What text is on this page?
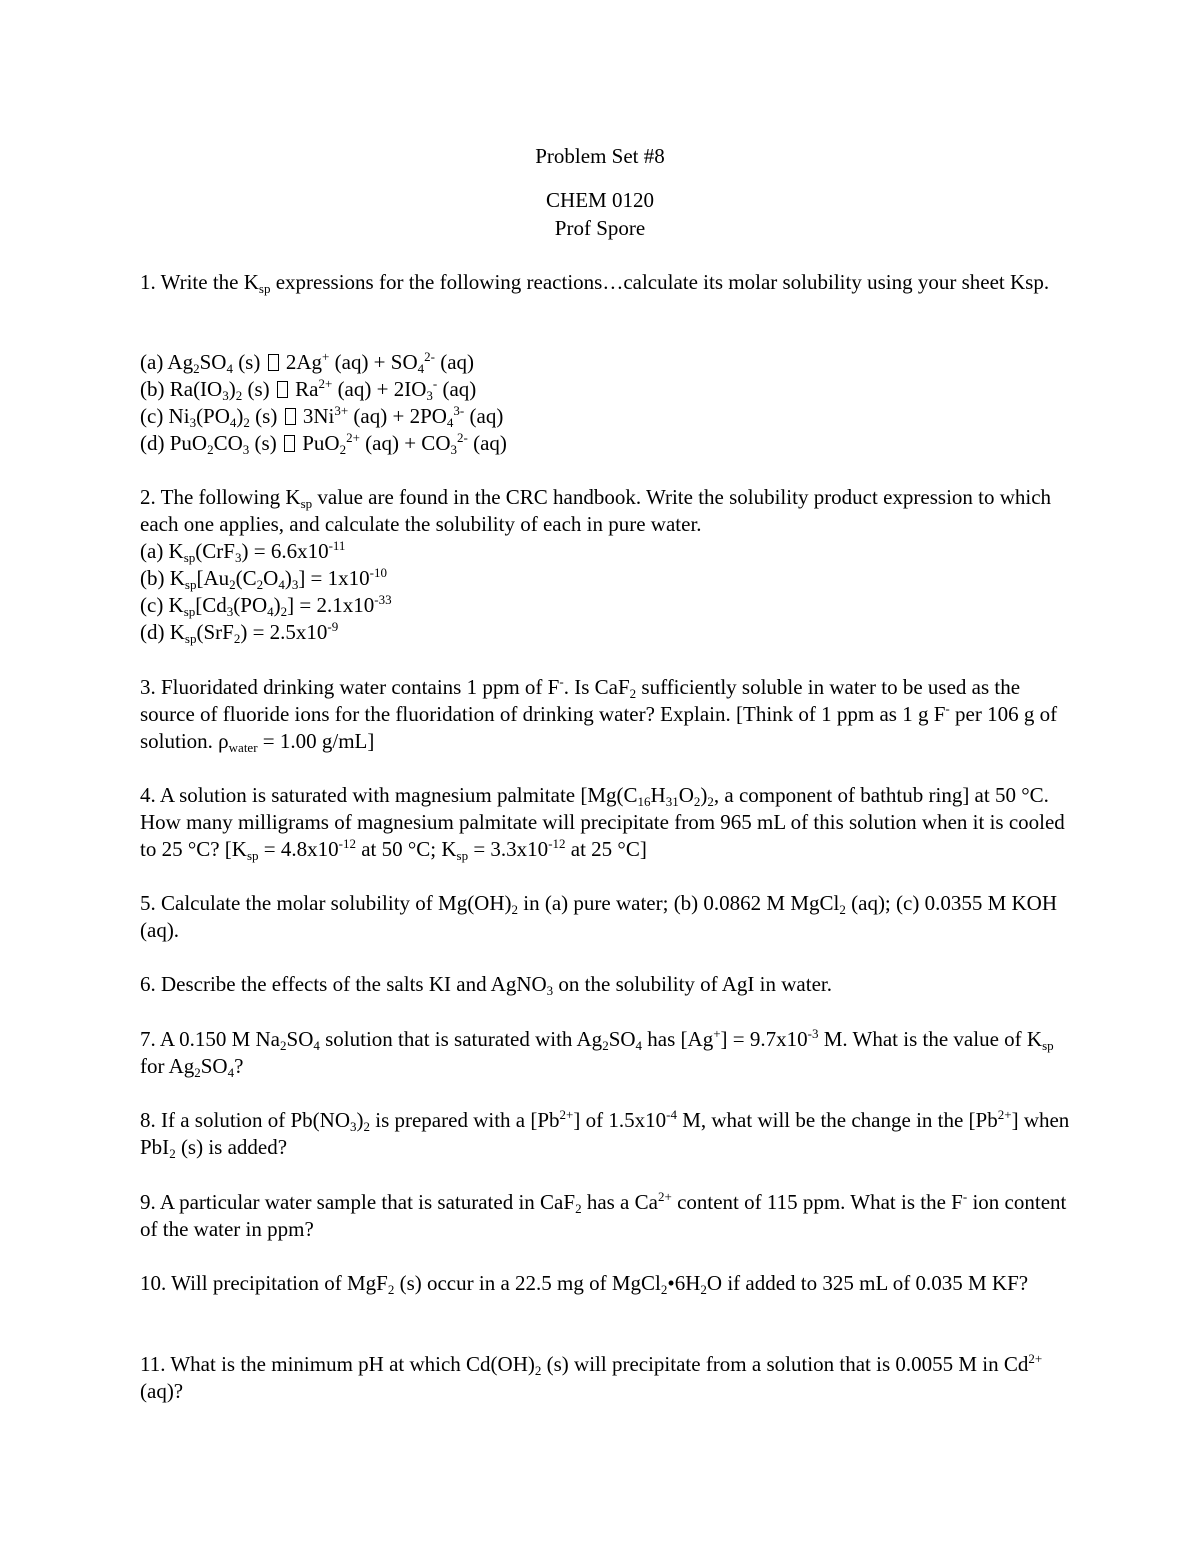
Problem Set #8
CHEM 0120
Prof Spore
1. Write the $K_{sp}$ expressions for the following reactions…calculate its molar solubility using your sheet Ksp.
(a) $Ag_2SO_4$ (s)  2Ag+ $(aq) + SO_4^{2-}$ (aq)
(b) $Ra(IO_3)_2$ (s)  $Ra^{2+}$ $(aq) + 2IO_3^-$ (aq)
(c) $Ni_3(PO_4)_2$ (s)  $3Ni^{3+}$ $(aq) + 2PO_4^{3-}$ (aq)
(d) $PuO_2CO_3$ (s)  PuO$_2^{2+}$ $(aq) + CO_3^{2-}$ (aq)
2. The following $K_{sp}$ value are found in the CRC handbook. Write the solubility product expression to which each one applies, and calculate the solubility of each in pure water.
(a) $K_{sp}(CrF_3) = 6.6x10^{-11}$
(b) $K_{sp}[Au_2(C_2O_4)_3] = 1x10^{-10}$
(c) $K_{sp}[Cd_3(PO_4)_2] = 2.1x10^{-33}$
(d) $K_{sp}(SrF_2) = 2.5x10^{-9}$
3. Fluoridated drinking water contains 1 ppm of F-. Is CaF$_2$ sufficiently soluble in water to be used as the source of fluoride ions for the fluoridation of drinking water? Explain. [Think of 1 ppm as 1 g F- per 106 g of solution. $\rho_{water} = 1.00$ g/mL]
4. A solution is saturated with magnesium palmitate [$Mg(C_{16}H_{31}O_2)_2$, a component of bathtub ring] at 50 °C. How many milligrams of magnesium palmitate will precipitate from 965 mL of this solution when it is cooled to 25 °C? [$K_{sp} = 4.8x10^{-12}$ at 50 °C; $K_{sp} = 3.3x10^{-12}$ at 25 °C]
5. Calculate the molar solubility of $Mg(OH)_2$ in (a) pure water; (b) 0.0862 M MgCl$_2$ (aq); (c) 0.0355 M KOH (aq).
6. Describe the effects of the salts KI and AgNO$_3$ on the solubility of AgI in water.
7. A 0.150 M $Na_2SO_4$ solution that is saturated with $Ag_2SO_4$ has $[Ag^+] = 9.7x10^{-3}$ M. What is the value of $K_{sp}$ for $Ag_2SO_4$?
8. If a solution of $Pb(NO_3)_2$ is prepared with a $[Pb^{2+}]$ of $1.5x10^{-4}$ M, what will be the change in the $[Pb^{2+}]$ when PbI$_2$ (s) is added?
9. A particular water sample that is saturated in CaF$_2$ has a $Ca^{2+}$ content of 115 ppm. What is the F- ion content of the water in ppm?
10. Will precipitation of MgF$_2$ (s) occur in a 22.5 mg of $MgCl_2•6H_2O$ if added to 325 mL of 0.035 M KF?
11. What is the minimum pH at which $Cd(OH)_2$ (s) will precipitate from a solution that is 0.0055 M in $Cd^{2+}$ (aq)?
